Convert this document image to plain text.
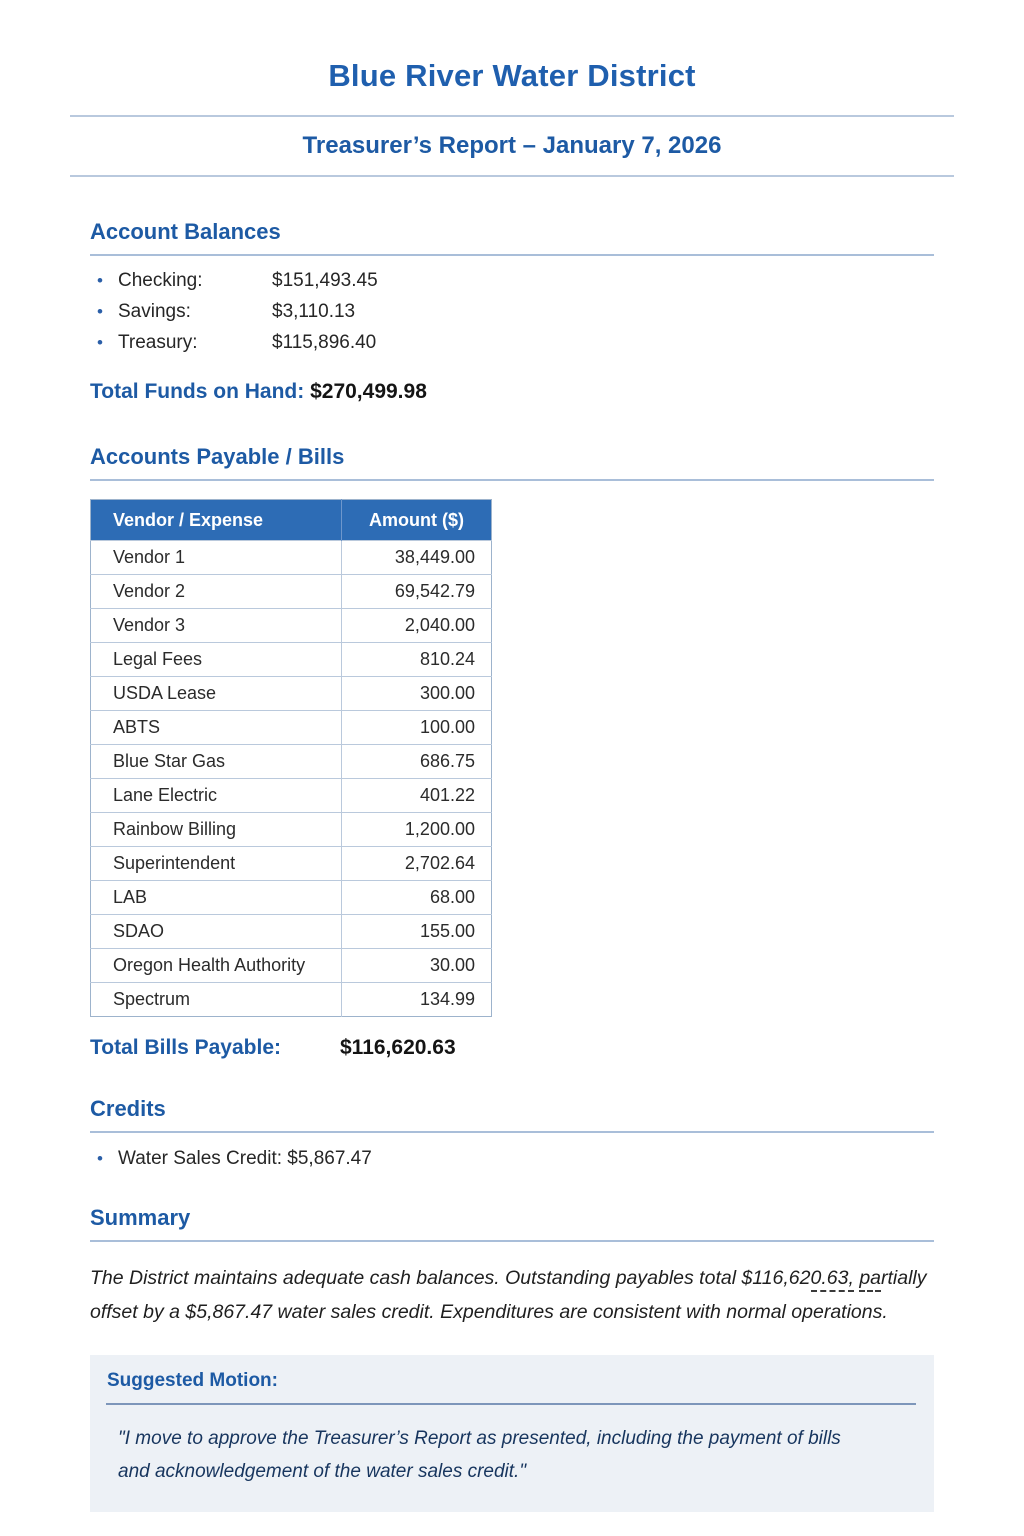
Blue River Water District
Treasurer’s Report – January 7, 2026
Account Balances
• Checking:	$151,493.45
• Savings:	$3,110.13
• Treasury:	$115,896.40
Total Funds on Hand: $270,499.98
Accounts Payable / Bills
Vendor / Expense	Amount ($)
Vendor 1	38,449.00
Vendor 2	69,542.79
Vendor 3	2,040.00
Legal Fees	810.24
USDA Lease	300.00
ABTS	100.00
Blue Star Gas	686.75
Lane Electric	401.22
Rainbow Billing	1,200.00
Superintendent	2,702.64
LAB	68.00
SDAO	155.00
Oregon Health Authority	30.00
Spectrum	134.99
Total Bills Payable:	$116,620.63
Credits
• Water Sales Credit: $5,867.47
Summary
The District maintains adequate cash balances. Outstanding payables total $116,620.63, partially offset by a $5,867.47 water sales credit. Expenditures are consistent with normal operations.
Suggested Motion:
"I move to approve the Treasurer’s Report as presented, including the payment of bills
and acknowledgement of the water sales credit."
